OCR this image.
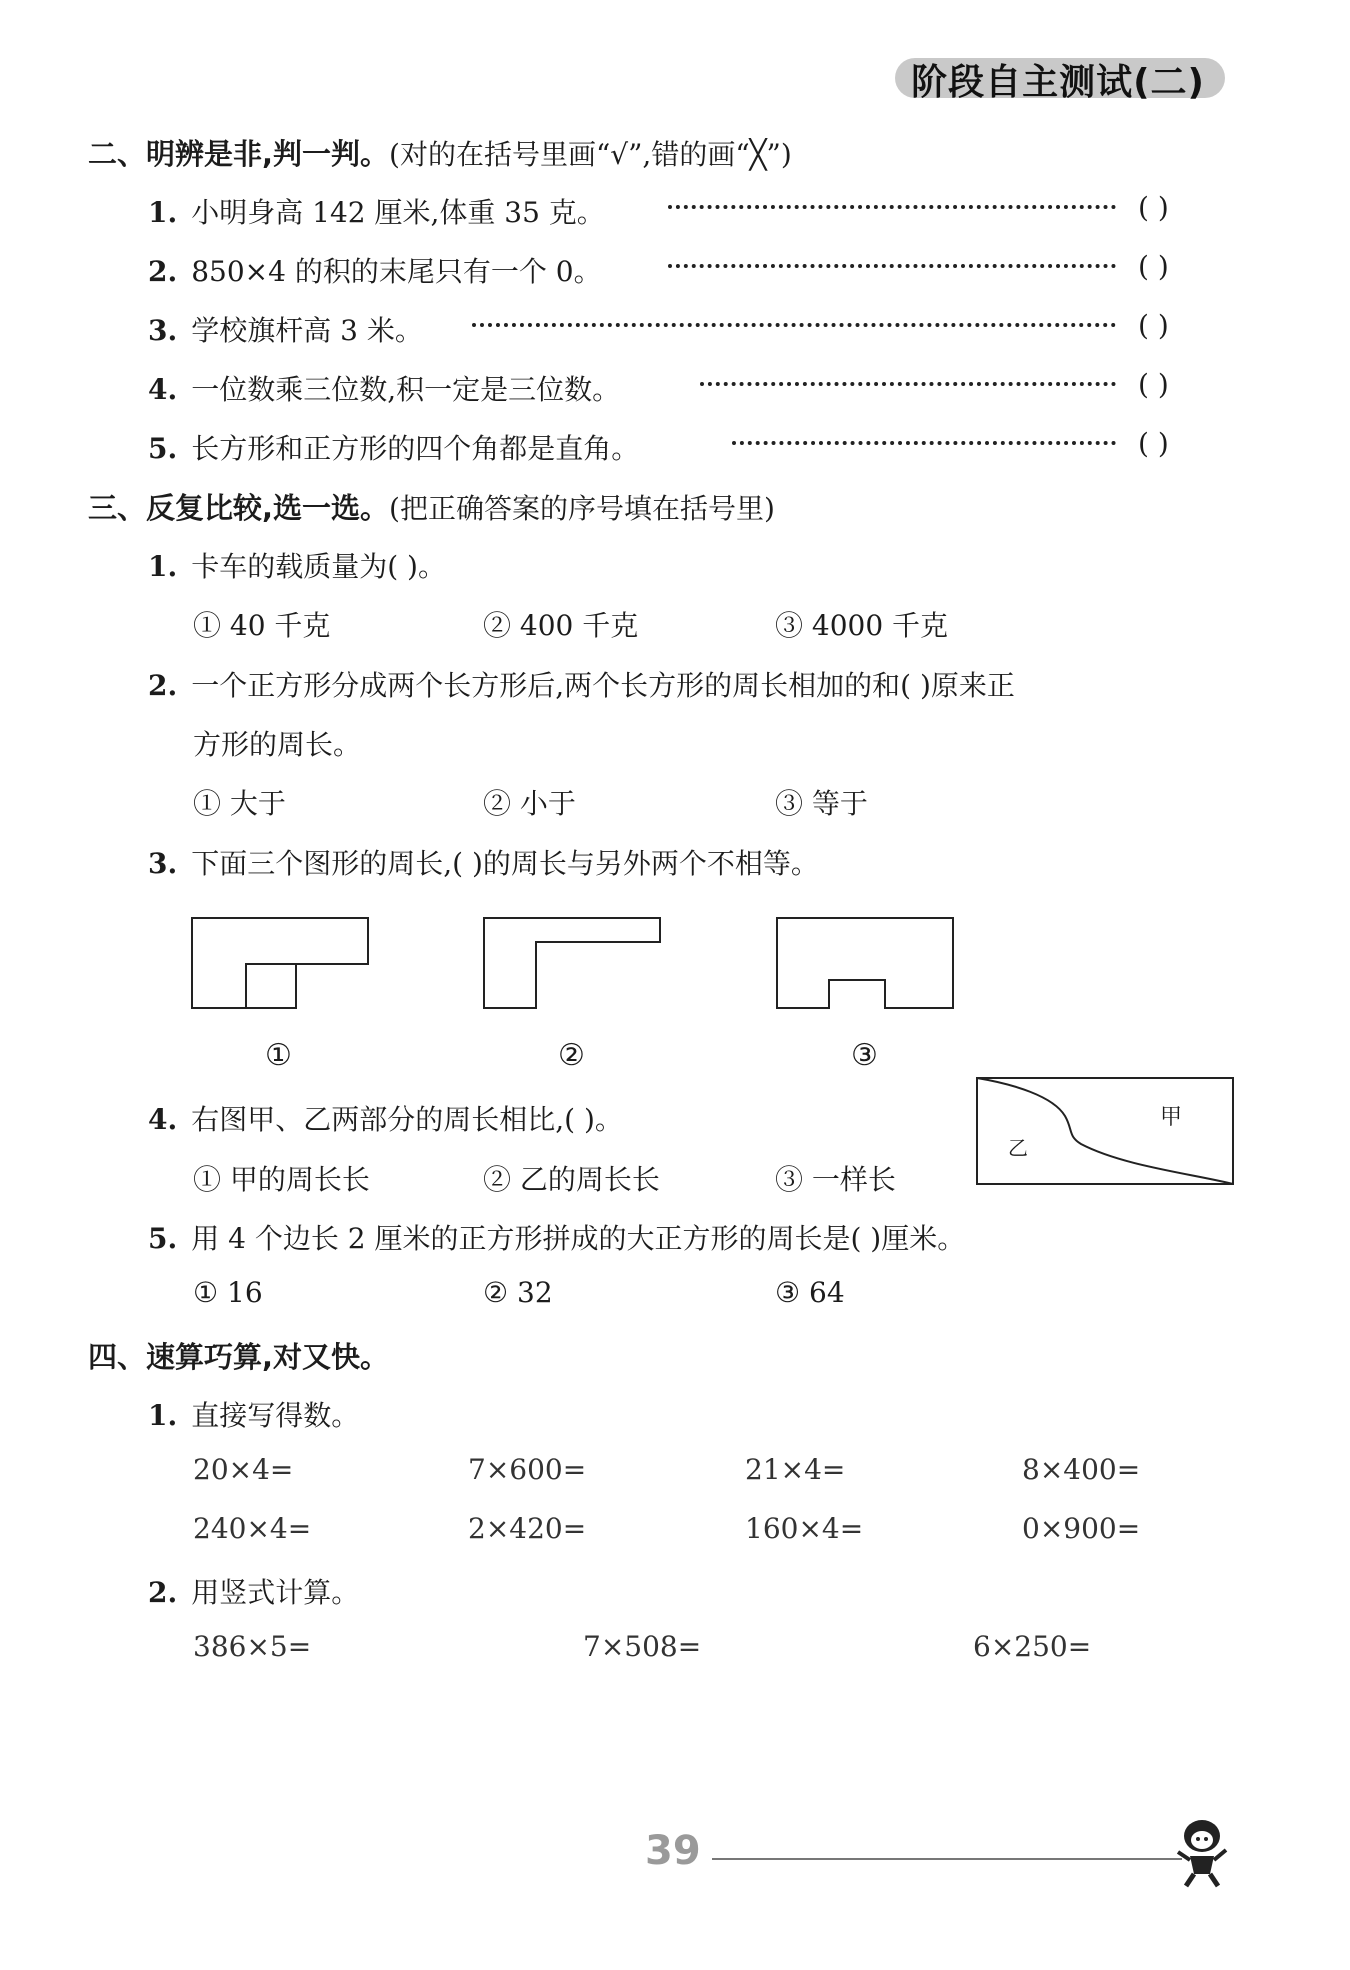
阶段自主测试(二)
二、明辨是非,判一判。(对的在括号里画“√”,错的画“╳”)
1. 小明身高 142 厘米,体重 35 克。	( )
2. 850×4 的积的末尾只有一个 0。	( )
3. 学校旗杆高 3 米。	( )
4. 一位数乘三位数,积一定是三位数。	( )
5. 长方形和正方形的四个角都是直角。	( )
三、反复比较,选一选。(把正确答案的序号填在括号里)
1. 卡车的载质量为( )。
① 40 千克	② 400 千克	③ 4000 千克
2. 一个正方形分成两个长方形后,两个长方形的周长相加的和( )原来正
方形的周长。
① 大于	② 小于	③ 等于
3. 下面三个图形的周长,( )的周长与另外两个不相等。
①	②	③
4. 右图甲、乙两部分的周长相比,( )。
① 甲的周长长	② 乙的周长长	③ 一样长
甲
乙
5. 用 4 个边长 2 厘米的正方形拼成的大正方形的周长是( )厘米。
① 16	② 32	③ 64
四、速算巧算,对又快。
1. 直接写得数。
20×4=	7×600=	21×4=	8×400=
240×4=	2×420=	160×4=	0×900=
2. 用竖式计算。
386×5=	7×508=	6×250=
39
